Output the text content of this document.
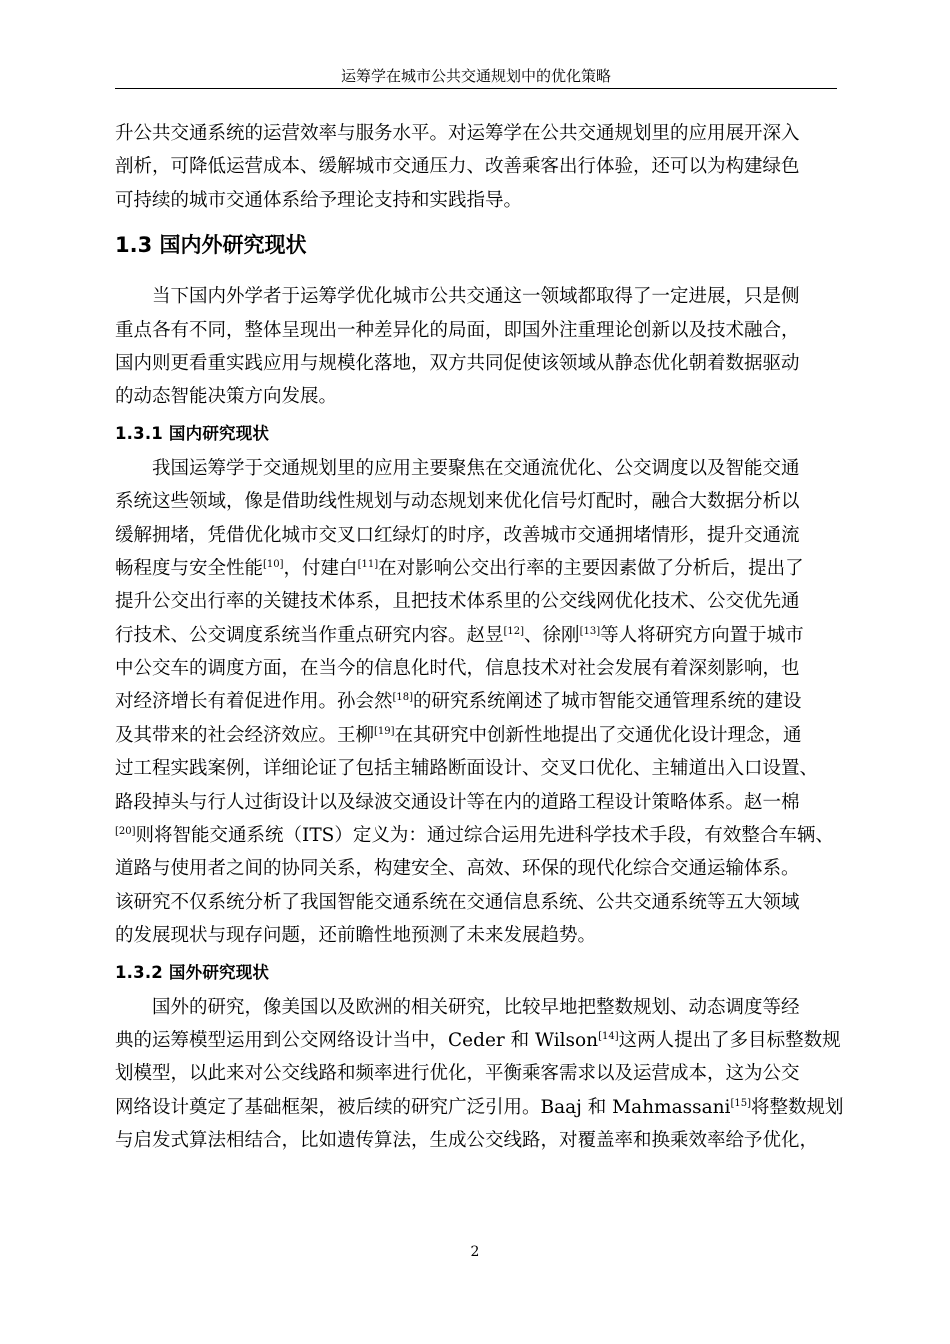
运筹学在城市公共交通规划中的优化策略

升公共交通系统的运营效率与服务水平。对运筹学在公共交通规划里的应用展开深入
剖析，可降低运营成本、缓解城市交通压力、改善乘客出行体验，还可以为构建绿色
可持续的城市交通体系给予理论支持和实践指导。

1.3 国内外研究现状

当下国内外学者于运筹学优化城市公共交通这一领域都取得了一定进展，只是侧
重点各有不同，整体呈现出一种差异化的局面，即国外注重理论创新以及技术融合，
国内则更看重实践应用与规模化落地，双方共同促使该领域从静态优化朝着数据驱动
的动态智能决策方向发展。

1.3.1 国内研究现状

我国运筹学于交通规划里的应用主要聚焦在交通流优化、公交调度以及智能交通
系统这些领域，像是借助线性规划与动态规划来优化信号灯配时，融合大数据分析以
缓解拥堵，凭借优化城市交叉口红绿灯的时序，改善城市交通拥堵情形，提升交通流
畅程度与安全性能[10]，付建白[11]在对影响公交出行率的主要因素做了分析后，提出了
提升公交出行率的关键技术体系，且把技术体系里的公交线网优化技术、公交优先通
行技术、公交调度系统当作重点研究内容。赵昱[12]、徐刚[13]等人将研究方向置于城市
中公交车的调度方面，在当今的信息化时代，信息技术对社会发展有着深刻影响，也
对经济增长有着促进作用。孙会然[18]的研究系统阐述了城市智能交通管理系统的建设
及其带来的社会经济效应。王柳[19]在其研究中创新性地提出了交通优化设计理念，通
过工程实践案例，详细论证了包括主辅路断面设计、交叉口优化、主辅道出入口设置、
路段掉头与行人过街设计以及绿波交通设计等在内的道路工程设计策略体系。赵一棉
[20]则将智能交通系统（ITS）定义为：通过综合运用先进科学技术手段，有效整合车辆、
道路与使用者之间的协同关系，构建安全、高效、环保的现代化综合交通运输体系。
该研究不仅系统分析了我国智能交通系统在交通信息系统、公共交通系统等五大领域
的发展现状与现存问题，还前瞻性地预测了未来发展趋势。

1.3.2 国外研究现状

国外的研究，像美国以及欧洲的相关研究，比较早地把整数规划、动态调度等经
典的运筹模型运用到公交网络设计当中，Ceder 和 Wilson[14]这两人提出了多目标整数规
划模型，以此来对公交线路和频率进行优化，平衡乘客需求以及运营成本，这为公交
网络设计奠定了基础框架，被后续的研究广泛引用。Baaj 和 Mahmassani[15]将整数规划
与启发式算法相结合，比如遗传算法，生成公交线路，对覆盖率和换乘效率给予优化，

2
